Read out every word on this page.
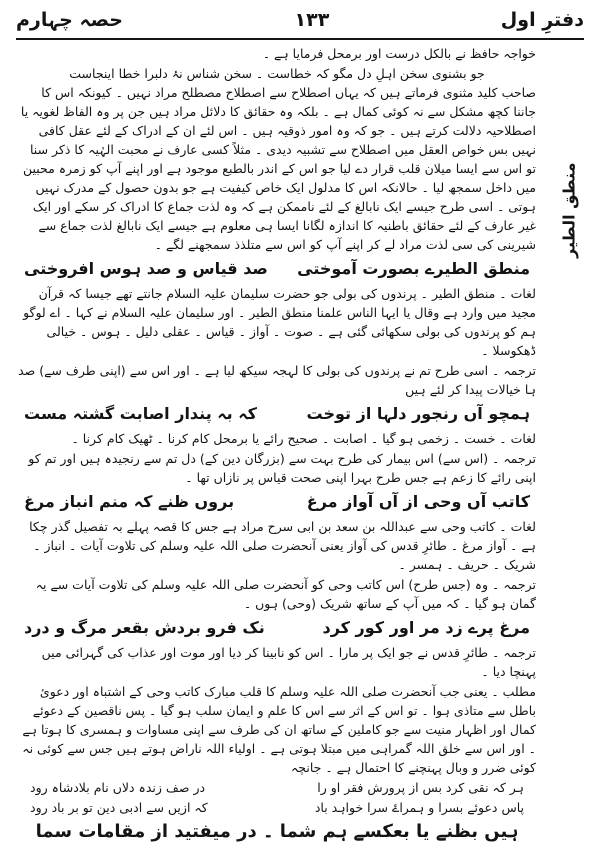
دفترِ اول
۱۳۳
حصہ چہارم
منطق الطیر

خواجہ حافظ نے بالکل درست اور برمحل فرمایا ہے ۔

جو بشنوی سخن اہلِ دل مگو کہ خطاست ۔ سخن شناس نۂ دلبرا خطا اینجاست

صاحب کلید مثنوی فرماتے ہیں کہ یہاں اصطلاح سے اصطلاح مصطلح مراد نہیں ۔ کیونکہ اس کا جاننا کچھ مشکل سے نہ کوئی کمال ہے ۔ بلکہ وہ حقائق کا دلائل مراد ہیں جن پر وہ الفاظ لغویہ یا اصطلاحیہ دلالت کرتے ہیں ۔ جو کہ وہ امور ذوقیہ ہیں ۔ اس لئے ان کے ادراک کے لئے عقل کافی نہیں بس خواص العقل میں اصطلاح سے تشبیہ دیدی ۔ مثلاً کسی عارف نے محبت الہٰیہ کا ذکر سنا تو اس سے ایسا میلان قلب قرار دے لیا جو اس کے اندر بالطبع موجود ہے اور اپنے آپ کو زمرہ محبین میں داخل سمجھ لیا ۔ حالانکہ اس کا مدلول ایک خاص کیفیت ہے جو بدون حصول کے مدرک نہیں ہوتی ۔ اسی طرح جیسے ایک نابالغ کے لئے ناممکن ہے کہ وہ لذت جماع کا ادراک کر سکے اور ایک غیر عارف کے لئے حقائق باطنیہ کا اندازہ لگانا ایسا ہی معلوم ہے جیسے ایک نابالغ لذت جماع سے شیرینی کی سی لذت مراد لے کر اپنے آپ کو اس سے متلذذ سمجھنے لگے ۔

منطق الطیرے بصورت آموختی
صد قیاس و صد ہوس افروختی

لغات ۔ منطق الطیر ۔ پرندوں کی بولی جو حضرت سلیمان علیہ السلام جانتے تھے جیسا کہ قرآن مجید میں وارد ہے وقال یا ایہا الناس علمنا منطق الطیر ۔ اور سلیمان علیہ السلام نے کہا ۔ اے لوگو ہم کو پرندوں کی بولی سکھائی گئی ہے ۔ صوت ۔ آواز ۔ قیاس ۔ عقلی دلیل ۔ ہوس ۔ خیالی ڈھکوسلا ۔

ترجمہ ۔ اسی طرح تم نے پرندوں کی بولی کا لہجہ سیکھ لیا ہے ۔ اور اس سے (اپنی طرف سے) صد ہا خیالات پیدا کر لئے ہیں

ہمچو آں رنجور دلہا از توخت
کہ بہ پندار اصابت گشتہ مست

لغات ۔ خست ۔ زخمی ہو گیا ۔ اصابت ۔ صحیح رائے یا برمحل کام کرنا ۔ ٹھیک کام کرنا ۔

ترجمہ ۔ (اس سے) اس بیمار کی طرح بہت سے (بزرگان دین کے) دل تم سے رنجیدہ ہیں اور تم کو اپنی رائے کا زعم ہے جس طرح بہرا اپنی صحت قیاس پر نازاں تھا ۔

کاتب آں وحی از آں آواز مرغ
بروں ظنے کہ منم انباز مرغ

لغات ۔ کاتب وحی سے عبداللہ بن سعد بن ابی سرح مراد ہے جس کا قصہ پہلے بہ تفصیل گذر چکا ہے ۔ آواز مرغ ۔ طائرِ قدس کی آواز یعنی آنحضرت صلی اللہ علیہ وسلم کی تلاوت آیات ۔ انباز ۔ شریک ۔ حریف ۔ ہمسر ۔

ترجمہ ۔ وہ (جس طرح) اس کاتب وحی کو آنحضرت صلی اللہ علیہ وسلم کی تلاوت آیات سے یہ گمان ہو گیا ۔ کہ میں آپ کے ساتھ شریک (وحی) ہوں ۔

مرغ پرے زد مر اور کور کرد
نک فرو بردش بقعر مرگ و درد

ترجمہ ۔ طائرِ قدس نے جو ایک پر مارا ۔ اس کو نابینا کر دیا اور موت اور عذاب کی گہرائی میں پہنچا دیا ۔

مطلب ۔ یعنی جب آنحضرت صلی اللہ علیہ وسلم کا قلب مبارک کاتب وحی کے اشتباہ اور دعوئ باطل سے متاذی ہوا ۔ تو اس کے اثر سے اس کا علم و ایمان سلب ہو گیا ۔ پس ناقصین کے دعوئے کمال اور اظہار منیت سے جو کاملین کے ساتھ ان کی طرف سے اپنی مساوات و ہمسری کا ہوتا ہے ۔ اور اس سے خلق اللہ گمراہی میں مبتلا ہوتی ہے ۔ اولیاء اللہ ناراض ہوتے ہیں جس سے کوئی نہ کوئی ضرر و وبال پہنچنے کا احتمال ہے ۔ جانچہ

ہر کہ نقی کرد بس از پرورش فقر او را
در صف زندہ دلاں نام بلادشاہ رود
پاس دعوئے بسرا و ہمراۓ سرا خواہد باد
کہ ازیں سے ادبی دین تو بر باد رود
ہیں بظنے یا بعکسے ہم شما ۔ در میفتید از مقامات سما
